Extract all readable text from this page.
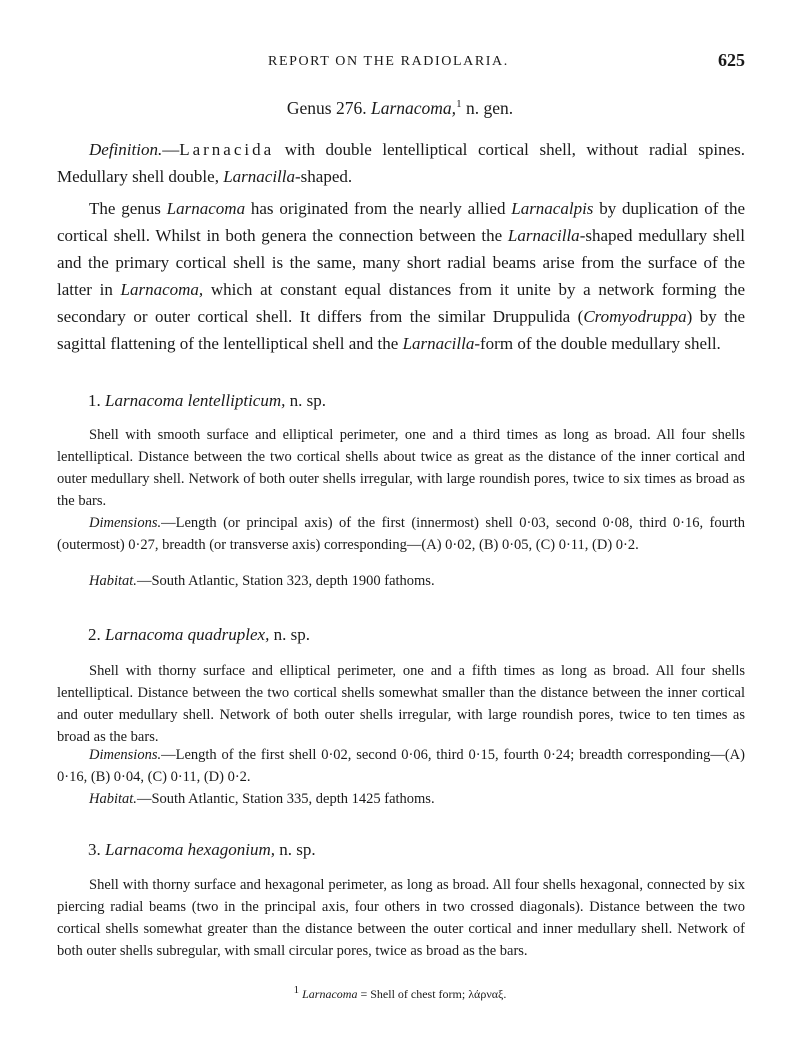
REPORT ON THE RADIOLARIA.	625
Genus 276. Larnacoma,$^1$ n. gen.

Definition.—Larnacida with double lentelliptical cortical shell, without radial spines. Medullary shell double, Larnacilla-shaped.

The genus Larnacoma has originated from the nearly allied Larnacalpis by duplication of the cortical shell. Whilst in both genera the connection between the Larnacilla-shaped medullary shell and the primary cortical shell is the same, many short radial beams arise from the surface of the latter in Larnacoma, which at constant equal distances from it unite by a network forming the secondary or outer cortical shell. It differs from the similar Druppulida (Cromyodruppa) by the sagittal flattening of the lentelliptical shell and the Larnacilla-form of the double medullary shell.

1. Larnacoma lentellipticum, n. sp.

Shell with smooth surface and elliptical perimeter, one and a third times as long as broad. All four shells lentelliptical. Distance between the two cortical shells about twice as great as the distance of the inner cortical and outer medullary shell. Network of both outer shells irregular, with large roundish pores, twice to six times as broad as the bars.

Dimensions.—Length (or principal axis) of the first (innermost) shell 0·03, second 0·08, third 0·16, fourth (outermost) 0·27, breadth (or transverse axis) corresponding—(A) 0·02, (B) 0·05, (C) 0·11, (D) 0·2.

Habitat.—South Atlantic, Station 323, depth 1900 fathoms.

2. Larnacoma quadruplex, n. sp.

Shell with thorny surface and elliptical perimeter, one and a fifth times as long as broad. All four shells lentelliptical. Distance between the two cortical shells somewhat smaller than the distance between the inner cortical and outer medullary shell. Network of both outer shells irregular, with large roundish pores, twice to ten times as broad as the bars.

Dimensions.—Length of the first shell 0·02, second 0·06, third 0·15, fourth 0·24; breadth corresponding—(A) 0·16, (B) 0·04, (C) 0·11, (D) 0·2.

Habitat.—South Atlantic, Station 335, depth 1425 fathoms.

3. Larnacoma hexagonium, n. sp.

Shell with thorny surface and hexagonal perimeter, as long as broad. All four shells hexagonal, connected by six piercing radial beams (two in the principal axis, four others in two crossed diagonals). Distance between the two cortical shells somewhat greater than the distance between the outer cortical and inner medullary shell. Network of both outer shells subregular, with small circular pores, twice as broad as the bars.

1 Larnacoma = Shell of chest form; λάρναξ.
